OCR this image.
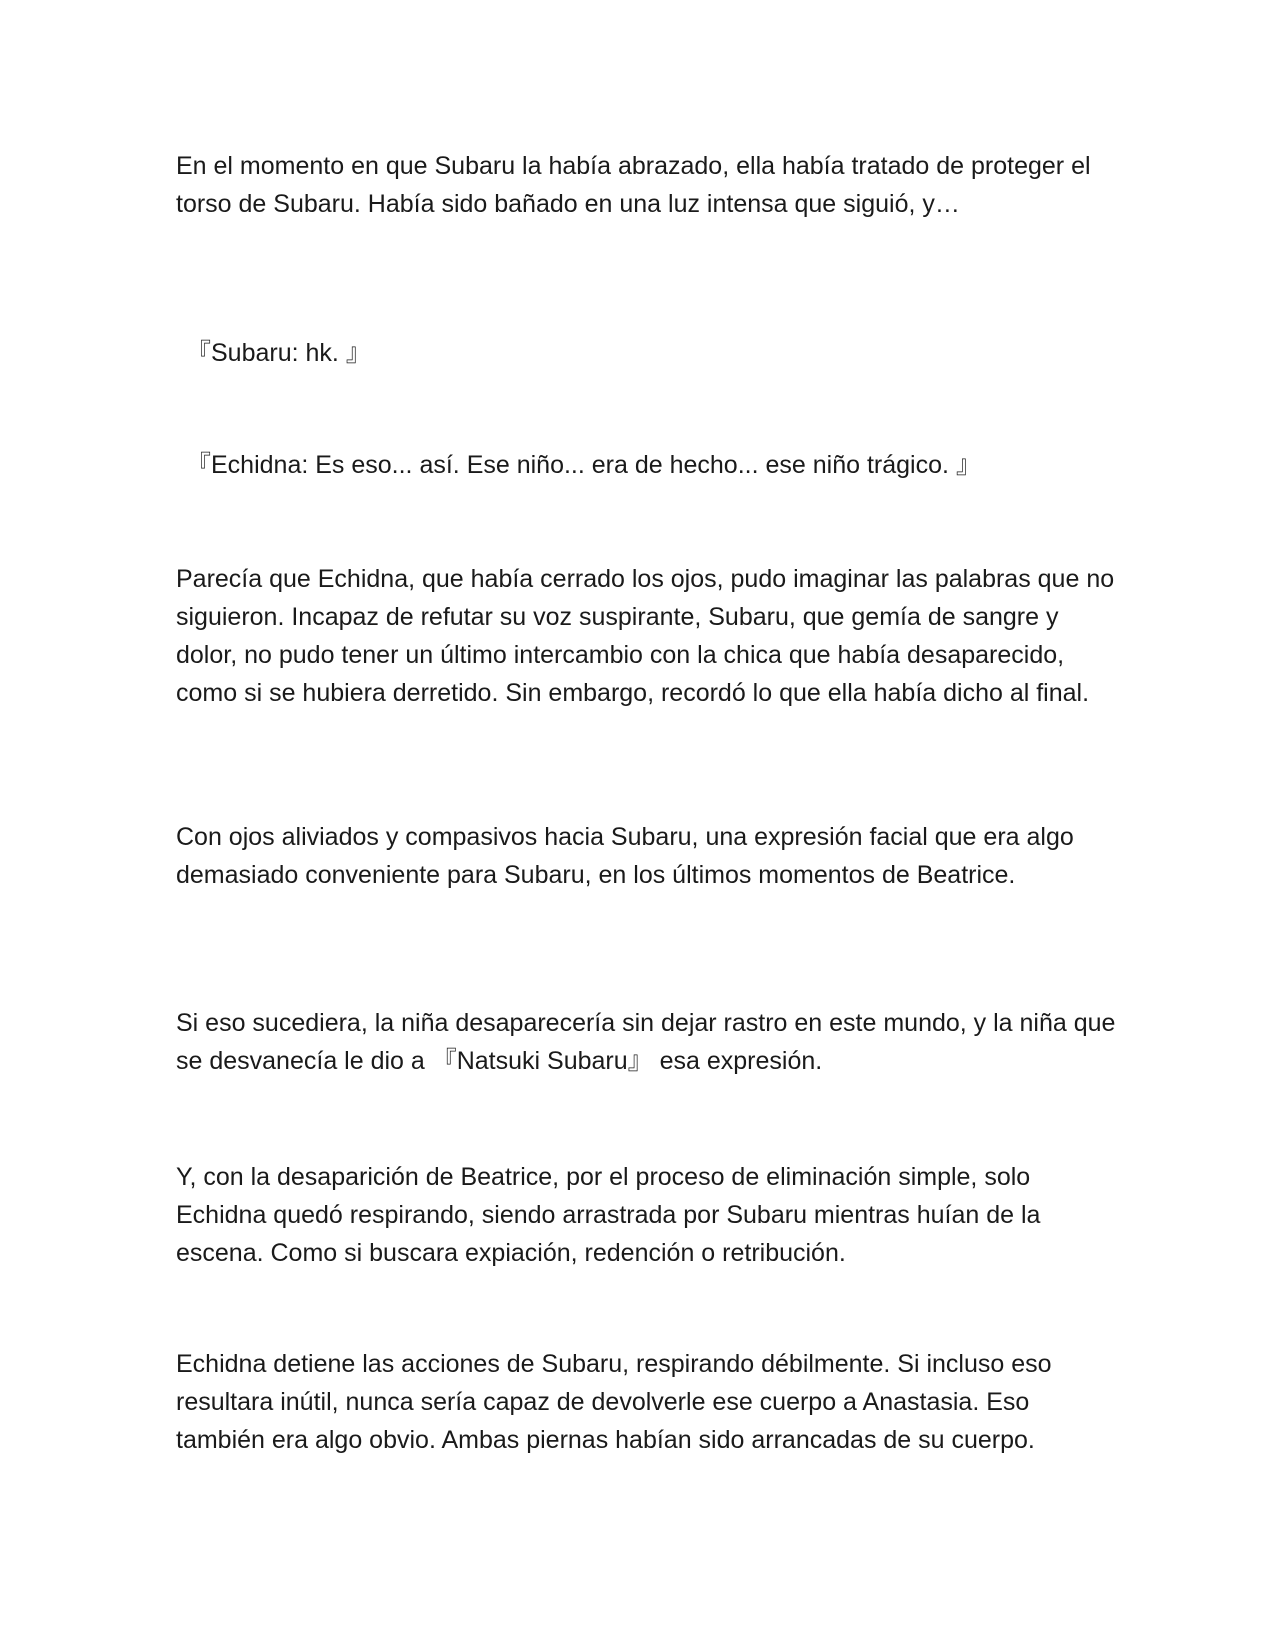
En el momento en que Subaru la había abrazado, ella había tratado de proteger el torso de Subaru. Había sido bañado en una luz intensa que siguió, y…

『Subaru: hk. 』

『Echidna: Es eso... así. Ese niño... era de hecho... ese niño trágico. 』

Parecía que Echidna, que había cerrado los ojos, pudo imaginar las palabras que no siguieron. Incapaz de refutar su voz suspirante, Subaru, que gemía de sangre y dolor, no pudo tener un último intercambio con la chica que había desaparecido, como si se hubiera derretido. Sin embargo, recordó lo que ella había dicho al final.

Con ojos aliviados y compasivos hacia Subaru, una expresión facial que era algo demasiado conveniente para Subaru, en los últimos momentos de Beatrice.

Si eso sucediera, la niña desaparecería sin dejar rastro en este mundo, y la niña que se desvanecía le dio a 『Natsuki Subaru』 esa expresión.

Y, con la desaparición de Beatrice, por el proceso de eliminación simple, solo Echidna quedó respirando, siendo arrastrada por Subaru mientras huían de la escena. Como si buscara expiación, redención o retribución.

Echidna detiene las acciones de Subaru, respirando débilmente. Si incluso eso resultara inútil, nunca sería capaz de devolverle ese cuerpo a Anastasia. Eso también era algo obvio. Ambas piernas habían sido arrancadas de su cuerpo.
